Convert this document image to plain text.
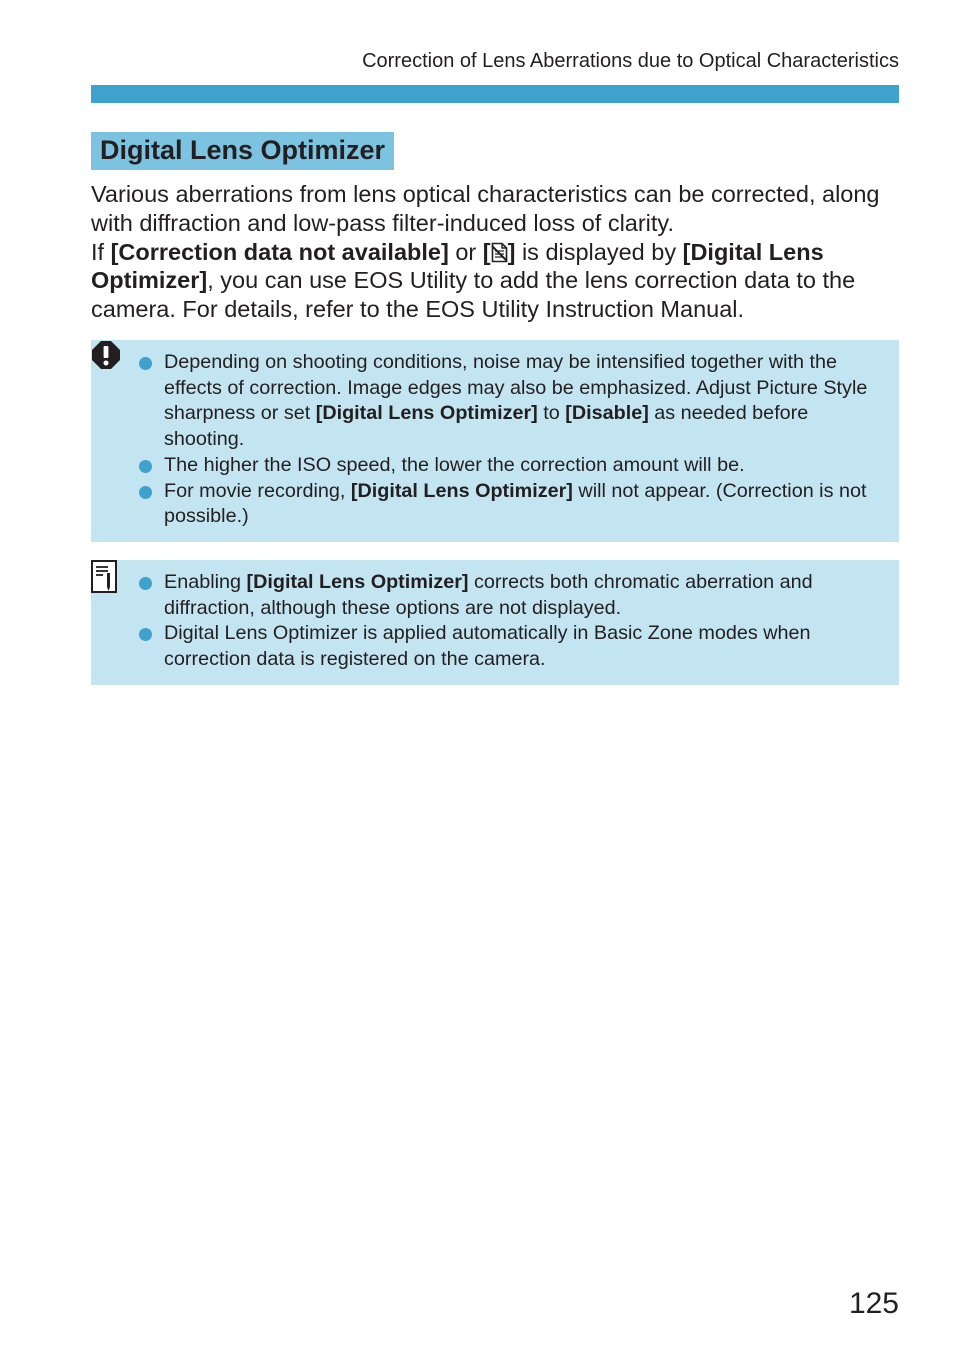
Correction of Lens Aberrations due to Optical Characteristics
Digital Lens Optimizer

Various aberrations from lens optical characteristics can be corrected, along with diffraction and low-pass filter-induced loss of clarity.

If [Correction data not available] or [ ] is displayed by [Digital Lens Optimizer], you can use EOS Utility to add the lens correction data to the camera. For details, refer to the EOS Utility Instruction Manual.

Depending on shooting conditions, noise may be intensified together with the effects of correction. Image edges may also be emphasized. Adjust Picture Style sharpness or set [Digital Lens Optimizer] to [Disable] as needed before shooting.
The higher the ISO speed, the lower the correction amount will be.
For movie recording, [Digital Lens Optimizer] will not appear. (Correction is not possible.)
Enabling [Digital Lens Optimizer] corrects both chromatic aberration and diffraction, although these options are not displayed.
Digital Lens Optimizer is applied automatically in Basic Zone modes when correction data is registered on the camera.
125
